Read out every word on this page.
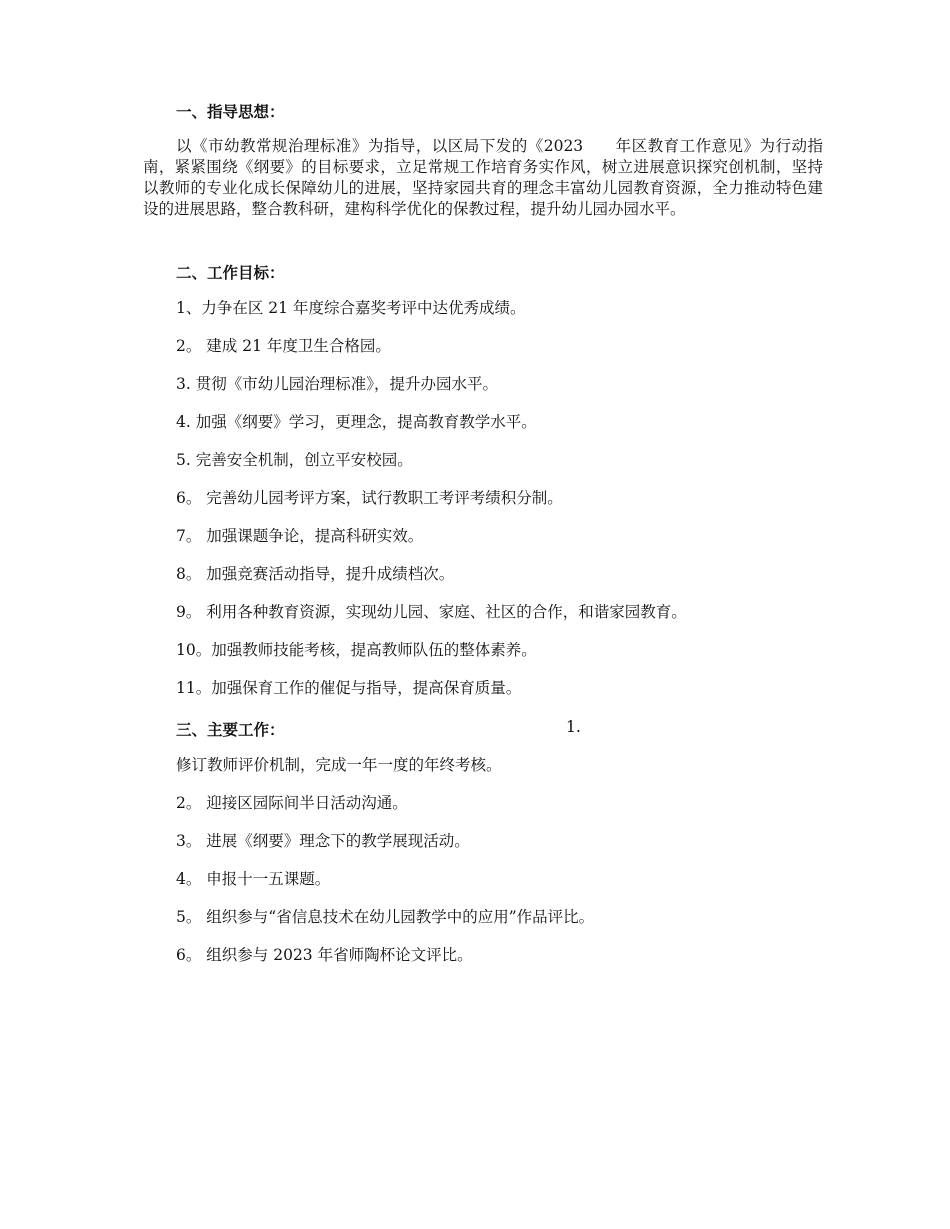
一、指导思想：
以《市幼教常规治理标准》为指导，以区局下发的《2023　　年区教育工作意见》为行动指南，紧紧围绕《纲要》的目标要求，立足常规工作培育务实作风，树立进展意识探究创机制，坚持以教师的专业化成长保障幼儿的进展，坚持家园共育的理念丰富幼儿园教育资源，全力推动特色建设的进展思路，整合教科研，建构科学优化的保教过程，提升幼儿园办园水平。
二、工作目标：
1、力争在区 21 年度综合嘉奖考评中达优秀成绩。
2。 建成 21 年度卫生合格园。
3. 贯彻《市幼儿园治理标准》，提升办园水平。
4. 加强《纲要》学习，更理念，提高教育教学水平。
5. 完善安全机制，创立平安校园。
6。 完善幼儿园考评方案，试行教职工考评考绩积分制。
7。 加强课题争论，提高科研实效。
8。 加强竞赛活动指导，提升成绩档次。
9。 利用各种教育资源，实现幼儿园、家庭、社区的合作，和谐家园教育。
10。加强教师技能考核，提高教师队伍的整体素养。
11。加强保育工作的催促与指导，提高保育质量。
三、主要工作：	1.
修订教师评价机制，完成一年一度的年终考核。
2。 迎接区园际间半日活动沟通。
3。 进展《纲要》理念下的教学展现活动。
4。 申报十一五课题。
5。 组织参与“省信息技术在幼儿园教学中的应用”作品评比。
6。 组织参与 2023 年省师陶杯论文评比。
